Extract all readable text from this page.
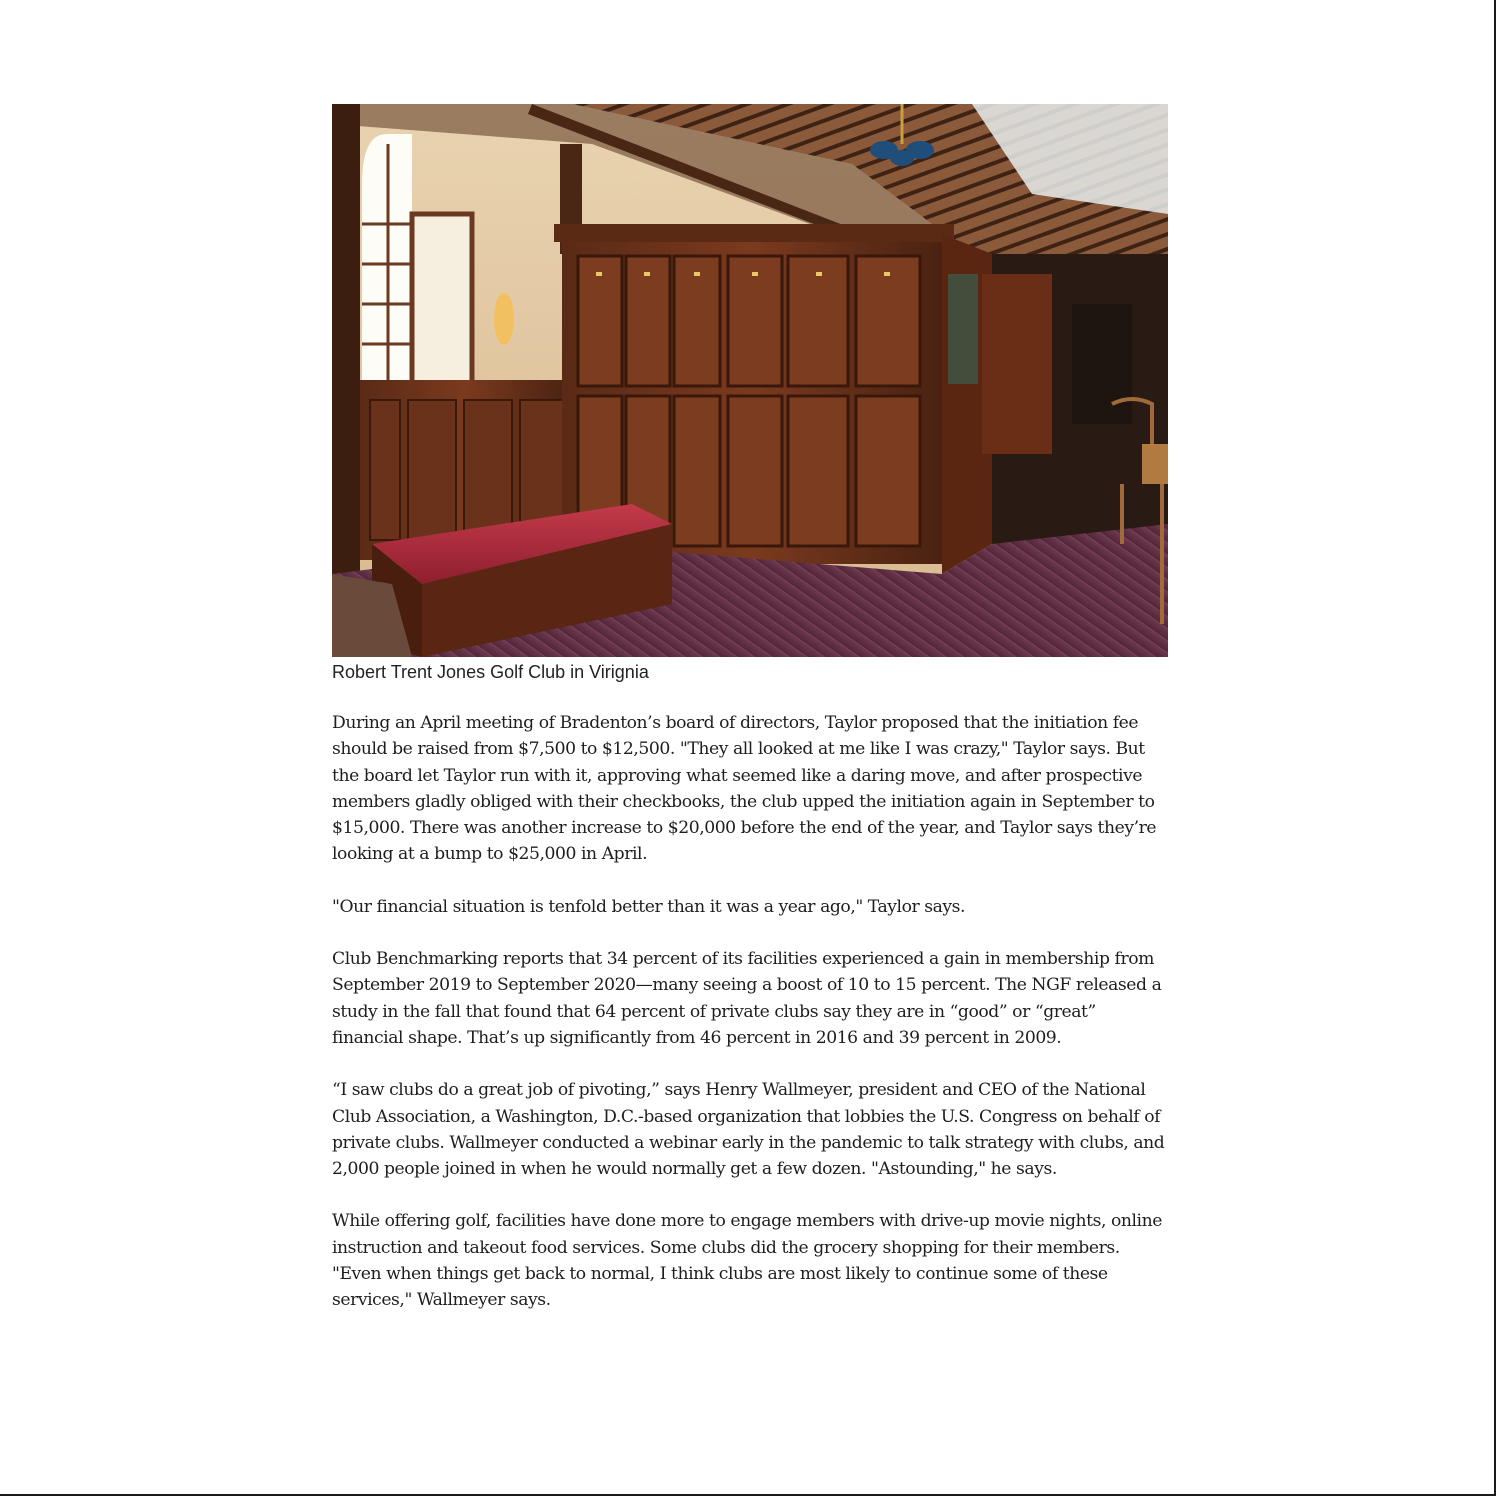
Robert Trent Jones Golf Club in Virignia

During an April meeting of Bradenton’s board of directors, Taylor proposed that the initiation fee should be raised from $7,500 to $12,500. "They all looked at me like I was crazy," Taylor says. But the board let Taylor run with it, approving what seemed like a daring move, and after prospective members gladly obliged with their checkbooks, the club upped the initiation again in September to $15,000. There was another increase to $20,000 before the end of the year, and Taylor says they’re looking at a bump to $25,000 in April.

"Our financial situation is tenfold better than it was a year ago," Taylor says.

Club Benchmarking reports that 34 percent of its facilities experienced a gain in membership from September 2019 to September 2020—many seeing a boost of 10 to 15 percent. The NGF released a study in the fall that found that 64 percent of private clubs say they are in “good” or “great” financial shape. That’s up significantly from 46 percent in 2016 and 39 percent in 2009.

“I saw clubs do a great job of pivoting,” says Henry Wallmeyer, president and CEO of the National Club Association, a Washington, D.C.-based organization that lobbies the U.S. Congress on behalf of private clubs. Wallmeyer conducted a webinar early in the pandemic to talk strategy with clubs, and 2,000 people joined in when he would normally get a few dozen. "Astounding," he says.

While offering golf, facilities have done more to engage members with drive-up movie nights, online instruction and takeout food services. Some clubs did the grocery shopping for their members. "Even when things get back to normal, I think clubs are most likely to continue some of these services," Wallmeyer says.
